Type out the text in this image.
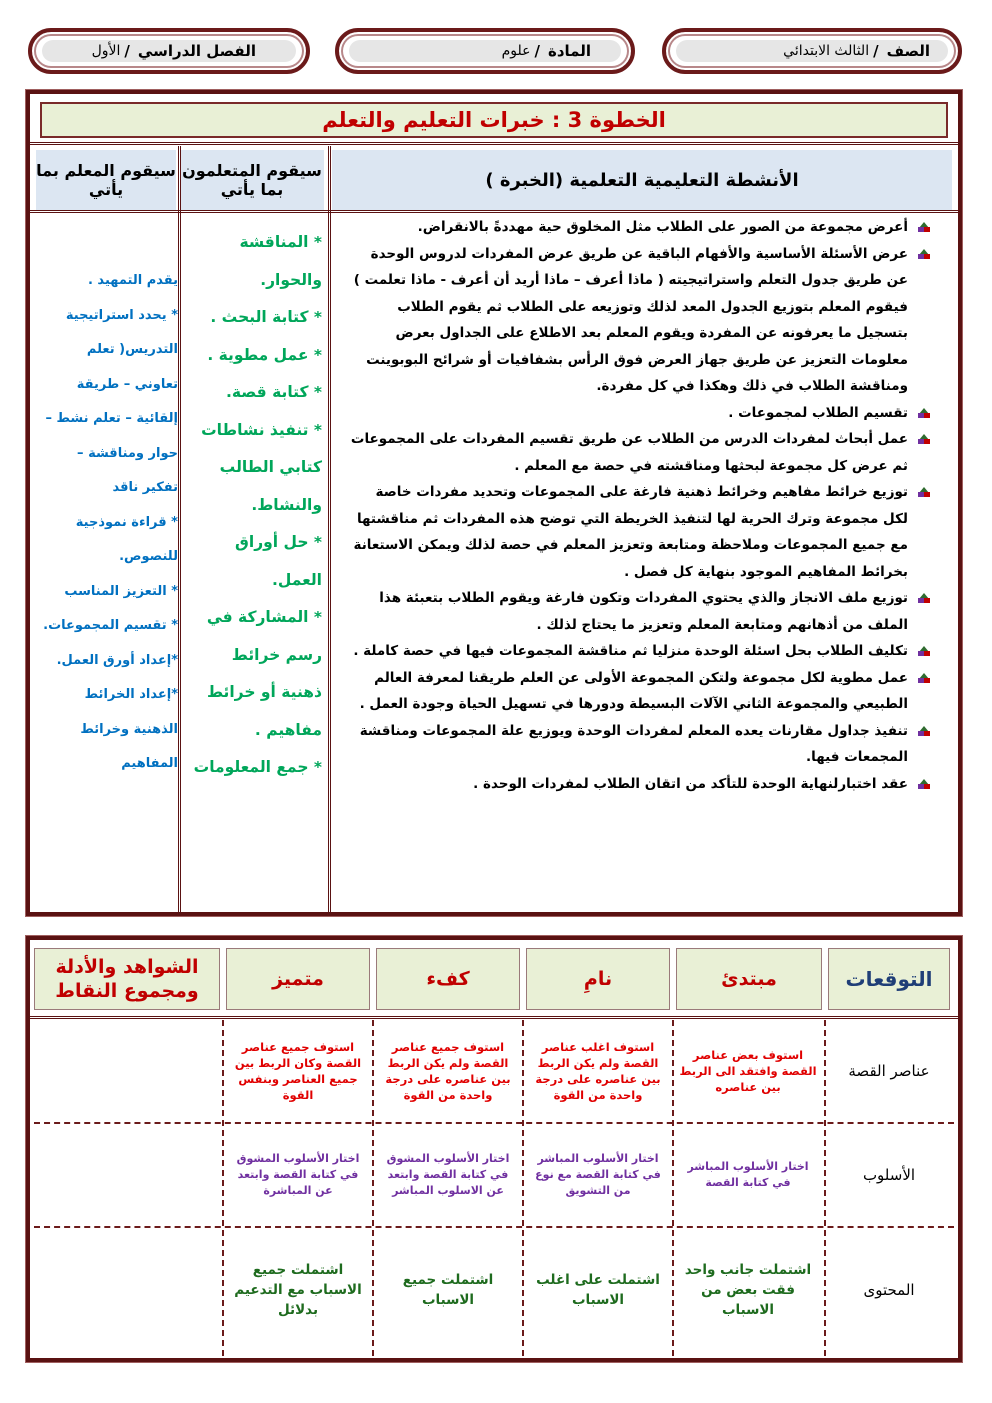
الصف
/
الثالث الابتدائي
المادة
/
علوم
الفصل الدراسي
/
الأول
الخطوة 3 : خبرات التعليم والتعلم
الأنشطة التعليمية التعلمية (الخبرة )
سيقوم المتعلمون بما يأتي
سيقوم المعلم بما يأتي
أعرض مجموعة من الصور على الطلاب مثل المخلوق حية مهددةً بالانقراض.
عرض الأسئلة الأساسية والأفهام الباقية عن طريق عرض المفردات لدروس الوحدة عن طريق جدول التعلم واستراتيجيته ( ماذا أعرف – ماذا أريد أن أعرف - ماذا تعلمت ) فيقوم المعلم بتوزيع الجدول المعد لذلك وتوزيعه على الطلاب ثم يقوم الطلاب بتسجيل ما يعرفونه عن المفردة ويقوم المعلم بعد الاطلاع على الجداول بعرض معلومات التعزيز عن طريق جهاز العرض فوق الرأس بشفافيات أو شرائح البوبوينت ومناقشة الطلاب في ذلك وهكذا في كل مفردة.
تقسيم الطلاب لمجموعات .
عمل أبحاث لمفردات الدرس من الطلاب عن طريق تقسيم المفردات على المجموعات ثم عرض كل مجموعة لبحثها ومناقشته في حصة مع المعلم .
توزيع خرائط مفاهيم وخرائط ذهنية فارغة على المجموعات وتحديد مفردات خاصة لكل مجموعة وترك الحرية لها لتنفيذ الخريطة التي توضح هذه المفردات ثم مناقشتها مع جميع المجموعات وملاحظة ومتابعة وتعزيز المعلم في حصة لذلك ويمكن الاستعانة بخرائط المفاهيم الموجود بنهاية كل فصل .
توزيع ملف الانجاز والذي يحتوي المفردات وتكون فارغة ويقوم الطلاب بتعبئة هذا الملف من أذهانهم ومتابعة المعلم وتعزيز ما يحتاج لذلك .
تكليف الطلاب بحل اسئلة الوحدة منزليا ثم مناقشة المجموعات فيها في حصة كاملة .
عمل مطوية لكل مجموعة ولتكن المجموعة الأولى عن العلم طريقنا لمعرفة العالم الطبيعي والمجموعة الثاني الآلات البسيطة ودورها في تسهيل الحياة وجودة العمل .
تنفيذ جداول مقارنات يعده المعلم لمفردات الوحدة ويوزيع علة المجموعات ومناقشة المجمعات فيها.
عقد اختبارلنهاية الوحدة للتأكد من اتقان الطلاب لمفردات الوحدة .
* المناقشة والحوار.
* كتابة البحث .
* عمل مطوية .
* كتابة قصة.
* تنفيذ نشاطات كتابي الطالب والنشاط.
* حل أوراق العمل.
* المشاركة في رسم خرائط ذهنية أو خرائط مفاهيم .
* جمع المعلومات
يقدم التمهيد .
* يحدد استراتيجية التدريس( تعلم تعاوني – طريقة إلقائية – تعلم نشط – حوار ومناقشة – تفكير ناقد
* قراءة نموذجية للنصوص.
* التعزيز المناسب
* تقسيم المجموعات.
*إعداد أورق العمل.
*إعداد الخرائط الذهنية وخرائط المفاهيم
التوقعات
مبتدئ
نامِ
كفء
متميز
الشواهد والأدلة ومجموع النقاط
عناصر القصة
استوف بعض عناصر القصة وافتقد الى الربط بين عناصره
استوف اغلب عناصر القصة ولم يكن الربط بين عناصره على درجة واحدة من القوة
استوف جميع عناصر القصة ولم يكن الربط بين عناصره على درجة واحدة من القوة
استوف جميع عناصر القصة وكان الربط بين جميع العناصر وبنفس القوة
الأسلوب
اختار الأسلوب المباشر في كتابة القصة
اختار الأسلوب المباشر في كتابة القصة مع نوع من التشويق
اختار الأسلوب المشوق في كتابة القصة وابتعد عن الاسلوب المباشر
اختار الأسلوب المشوق في كتابة القصة وابتعد عن المباشرة
المحتوى
اشتملت جانب واحد فقت بعض من الاسباب
اشتملت على اغلب الاسباب
اشتملت جميع الاسباب
اشتملت جميع الاسباب مع التدعيم بدلائل
